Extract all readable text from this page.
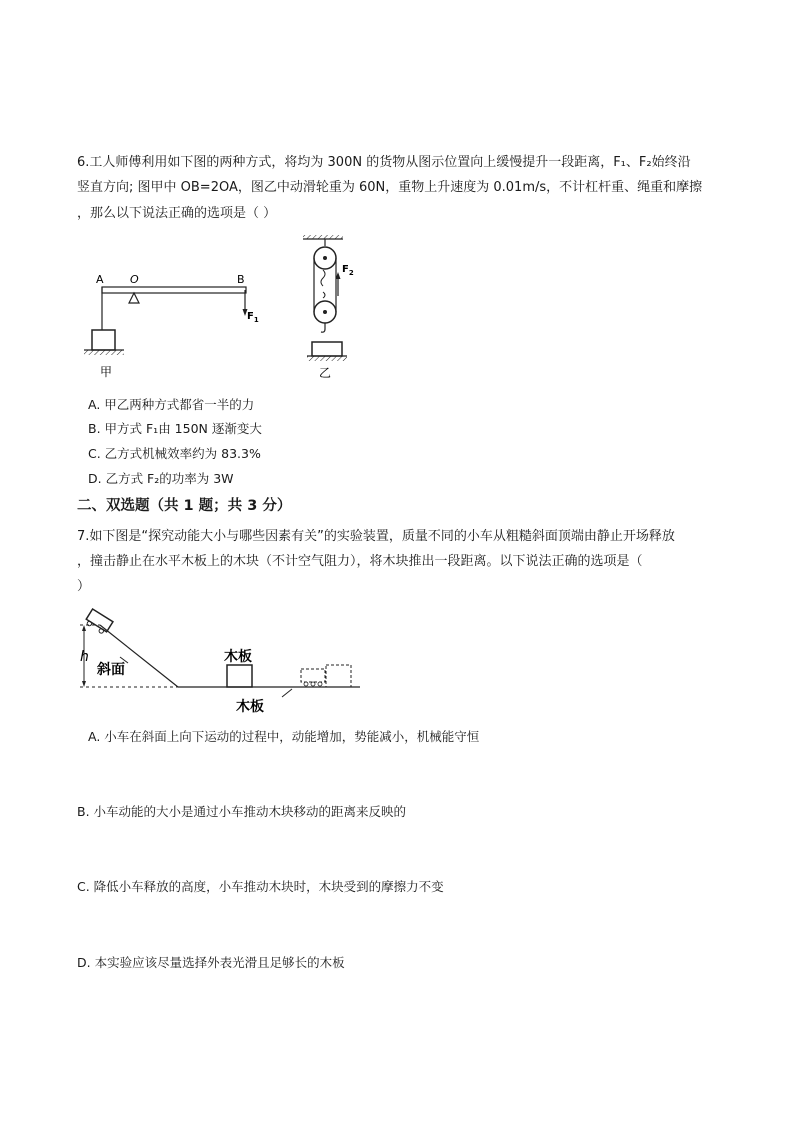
6.工人师傅利用如下图的两种方式，将均为 300N 的货物从图示位置向上缓慢提升一段距离，F₁、F₂始终沿
竖直方向; 图甲中 OB=2OA，图乙中动滑轮重为 60N，重物上升速度为 0.01m/s，不计杠杆重、绳重和摩擦
，那么以下说法正确的选项是（ ）
A O	B
$F_1$
甲
$F_2$
乙
A. 甲乙两种方式都省一半的力
B. 甲方式 F₁由 150N 逐渐变大
C. 乙方式机械效率约为 83.3%
D. 乙方式 F₂的功率为 3W
二、双选题（共 1 题；共 3 分）
7.如下图是“探究动能大小与哪些因素有关”的实验装置，质量不同的小车从粗糙斜面顶端由静止开场释放
，撞击静止在水平木板上的木块（不计空气阻力），将木块推出一段距离。以下说法正确的选项是（
）
h
斜面
木板
木板
A. 小车在斜面上向下运动的过程中，动能增加，势能减小，机械能守恒
B. 小车动能的大小是通过小车推动木块移动的距离来反映的
C. 降低小车释放的高度，小车推动木块时，木块受到的摩擦力不变
D. 本实验应该尽量选择外表光滑且足够长的木板
